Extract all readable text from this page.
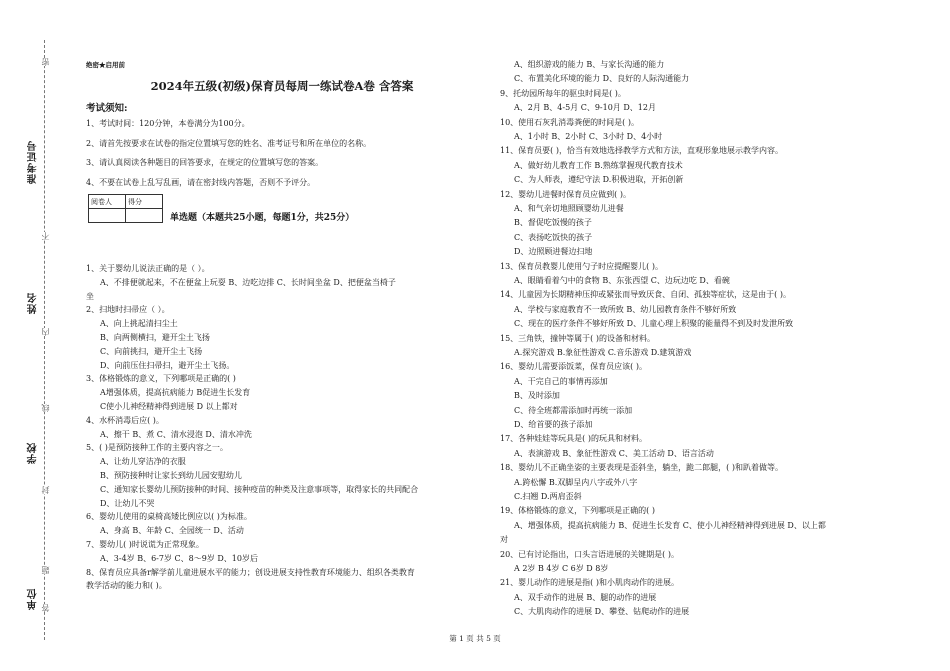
准考证号
姓名
学校
单位
密
不
内
线
封
题
答
绝密★启用前
2024年五级(初级)保育员每周一练试卷A卷 含答案
考试须知:
1、考试时间：120分钟，本卷满分为100分。
2、请首先按要求在试卷的指定位置填写您的姓名、准考证号和所在单位的名称。
3、请认真阅读各种题目的回答要求，在规定的位置填写您的答案。
4、不要在试卷上乱写乱画，请在密封线内答题，否则不予评分。
阅卷人	得分

单选题（本题共25小题，每题1分，共25分）
1、关于婴幼儿说法正确的是（ ）。
A、不排便就起来，不在便盆上玩耍 B、边吃边排 C、长时间坐盆 D、把便盆当椅子
坐
2、扫地时扫帚应（ ）。
A、向上挑起清扫尘土
B、向两侧横扫，避开尘土飞扬
C、向前挑扫，避开尘土飞扬
D、向前压住扫帚扫，避开尘土飞扬。
3、体格锻炼的意义，下列哪项是正确的( )
A增强体质，提高抗病能力 B促进生长发育
C使小儿神经精神得到进展 D 以上都对
4、水杯消毒后应( )。
A、擦干 B、煮 C、清水浸泡 D、清水冲洗
5、( )是预防接种工作的主要内容之一。
A、让幼儿穿洁净的衣服
B、预防接种时让家长到幼儿园安慰幼儿
C、通知家长婴幼儿预防接种的时间、接种疫苗的种类及注意事项等，取得家长的共同配合
D、让幼儿不哭
6、婴幼儿使用的桌椅高矮比例应以( )为标准。
A、身高 B、年龄 C、全园统一 D、活动
7、婴幼儿( )时说谎为正常现象。
A、3-4岁 B、6-7岁 C、8～9岁 D、10岁后
8、保育员应具备r解学前儿童进展水平的能力；创设进展支持性教育环境能力、组织各类教育
教学活动的能力和( )。
A、组织游戏的能力 B、与家长沟通的能力
C、布置美化环境的能力 D、良好的人际沟通能力
9、托幼园所每年的驱虫时间是( )。
A、2月 B、4-5月 C、9-10月 D、12月
10、使用石灰乳消毒粪便的时间是( )。
A、1小时 B、2小时 C、3小时 D、4小时
11、保育员要( )，恰当有效地选择教学方式和方法，直观形象地展示教学内容。
A、做好幼儿教育工作 B.熟练掌握现代教育技术
C、为人师表，遵纪守法 D.积极进取，开拓创新
12、婴幼儿进餐时保育员应做到( )。
A、和气亲切地照顾婴幼儿进餐
B、督促吃饭慢的孩子
C、表扬吃饭快的孩子
D、边照顾进餐边扫地
13、保育员教婴儿使用勺子时应提醒婴儿( )。
A、眼睛看着勺中的食物 B、东张西望 C、边玩边吃 D、看碗
14、儿童因为长期精神压抑或紧张而导致厌食、自闭、孤独等症状，这是由于( )。
A、学校与家庭教育不一致所致 B、幼儿园教育条件不够好所致
C、现在的医疗条件不够好所致 D、儿童心理上积聚的能量得不到及时发泄所致
15、三角铁，撞钟等属于( )的设备和材料。
A.探究游戏 B.象征性游戏 C.音乐游戏 D.建筑游戏
16、婴幼儿需要添饭菜，保育员应该( )。
A、干完自己的事情再添加
B、及时添加
C、待全班都需添加时再统一添加
D、给首要的孩子添加
17、各种娃娃等玩具是( )的玩具和材料。
A、表演游戏 B、象征性游戏 C、美工活动 D、语言活动
18、婴幼儿不正确坐姿的主要表现是歪斜坐，躺坐，跪二郎腿，( )和趴着做等。
A.跨松懈 B.双脚呈内八字或外八字
C.扫翘 D.两肩歪斜
19、体格锻炼的意义，下列哪项是正确的( )
A、增强体质，提高抗病能力 B、促进生长发育 C、使小儿神经精神得到进展 D、以上都
对
20、已有讨论指出，口头言语进展的关键期是( )。
A 2岁 B 4岁 C 6岁 D 8岁
21、婴儿动作的进展是指( )和小肌肉动作的进展。
A、双手动作的进展 B、腿的动作的进展
C、大肌肉动作的进展 D、攀登、钻爬动作的进展
第 1 页 共 5 页
